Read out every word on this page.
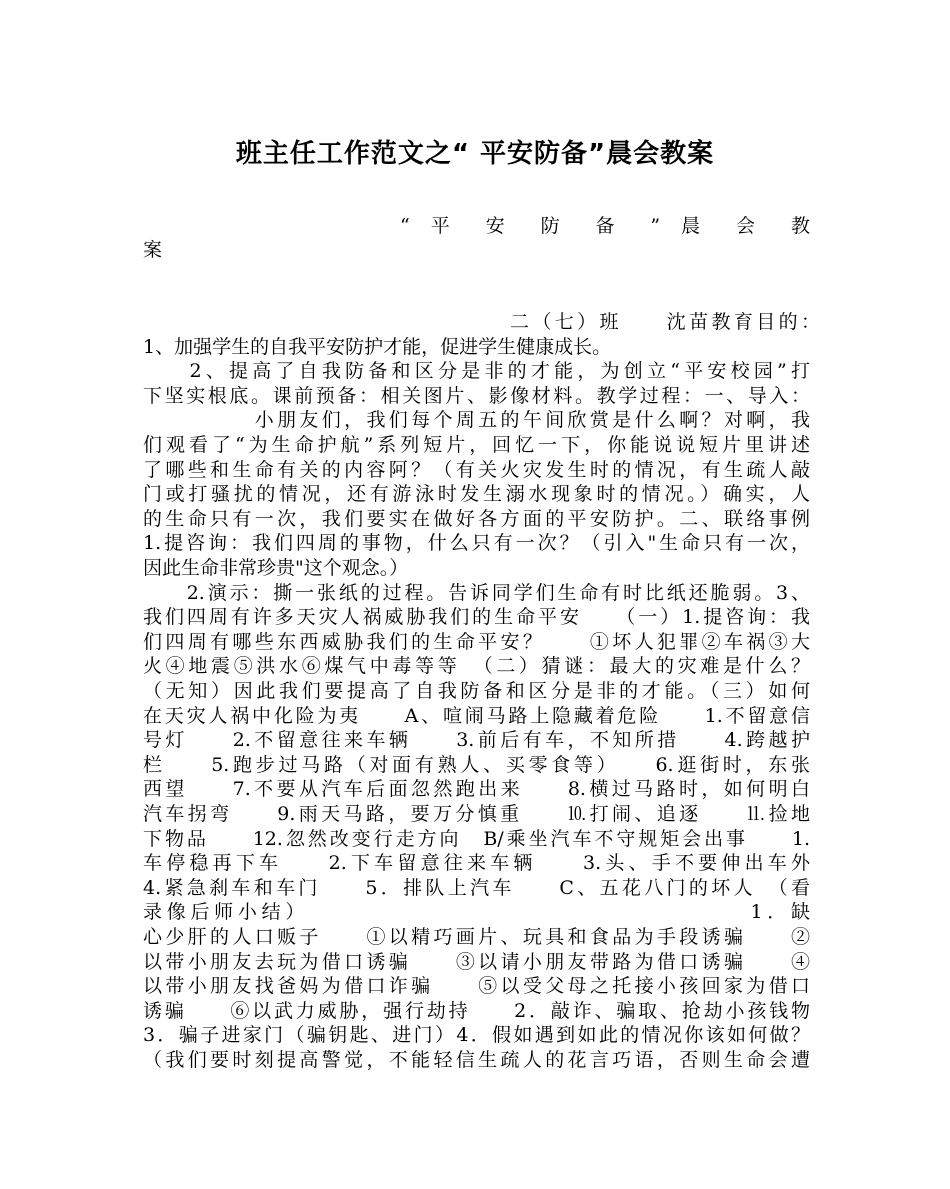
班主任工作范文之“ 平安防备”晨会教案
“ 平 安 防 备 ” 晨 会 教
案
二（七）班　　沈苗教育目的：
1、加强学生的自我平安防护才能，促进学生健康成长。
　　2、提高了自我防备和区分是非的才能，为创立“平安校园”打
下坚实根底。课前预备：相关图片、影像材料。教学过程：一、导入：
　　　　　小朋友们，我们每个周五的午间欣赏是什么啊？对啊，我
们观看了“为生命护航”系列短片，回忆一下，你能说说短片里讲述
了哪些和生命有关的内容阿？（有关火灾发生时的情况，有生疏人敲
门或打骚扰的情况，还有游泳时发生溺水现象时的情况。）确实，人
的生命只有一次，我们要实在做好各方面的平安防护。二、联络事例
1.提咨询：我们四周的事物，什么只有一次？（引入"生命只有一次，
因此生命非常珍贵"这个观念。）
　　2.演示：撕一张纸的过程。告诉同学们生命有时比纸还脆弱。3、
我们四周有许多天灾人祸威胁我们的生命平安　　（一）1.提咨询：我
们四周有哪些东西威胁我们的生命平安？　　①坏人犯罪②车祸③大
火④地震⑤洪水⑥煤气中毒等等　（二）猜谜：最大的灾难是什么？
（无知）因此我们要提高了自我防备和区分是非的才能。（三）如何
在天灾人祸中化险为夷　　A、喧闹马路上隐藏着危险　　1.不留意信
号灯　　2.不留意往来车辆　　3.前后有车，不知所措　　4.跨越护
栏　　5.跑步过马路（对面有熟人、买零食等）　　6.逛街时，东张
西望　　7.不要从汽车后面忽然跑出来　　8.横过马路时，如何明白
汽车拐弯　　9.雨天马路，要万分慎重　　⒑打闹、追逐　　⒒捡地
下物品　　12.忽然改变行走方向　B/乘坐汽车不守规矩会出事　　1.
车停稳再下车　　2.下车留意往来车辆　　3.头、手不要伸出车外
4.紧急刹车和车门　　5．排队上汽车　　C、五花八门的坏人　（看
录像后师小结）　　　　　　　　　　　　　　　　　　　1．缺
心少肝的人口贩子　　①以精巧画片、玩具和食品为手段诱骗　　②
以带小朋友去玩为借口诱骗　　③以请小朋友带路为借口诱骗　　④
以带小朋友找爸妈为借口诈骗　　⑤以受父母之托接小孩回家为借口
诱骗　　⑥以武力威胁，强行劫持　　2．敲诈、骗取、抢劫小孩钱物
3．骗子进家门（骗钥匙、进门）4．假如遇到如此的情况你该如何做？
（我们要时刻提高警觉，不能轻信生疏人的花言巧语，否则生命会遭
